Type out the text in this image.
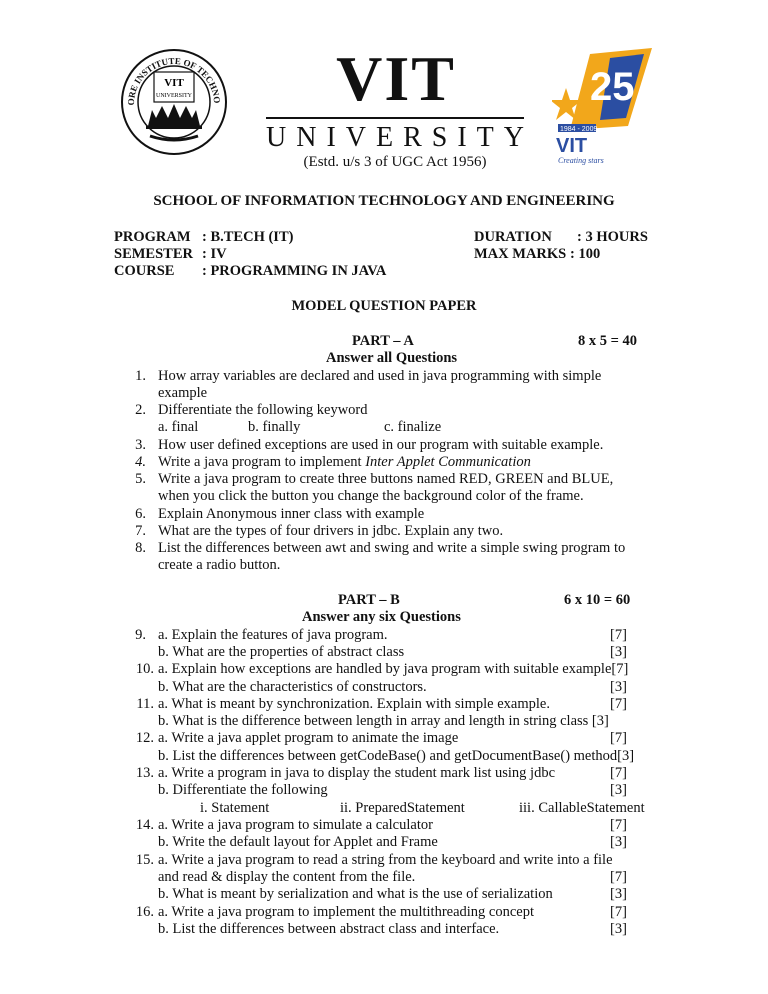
ORE INSTITUTE OF TECHNO
VIT
UNIVERSITY	VIT
UNIVERSITY
(Estd. u/s 3 of UGC Act 1956)
25
1984 - 2009
VIT
Creating stars
SCHOOL OF INFORMATION TECHNOLOGY AND ENGINEERING
PROGRAM : B.TECH (IT)
SEMESTER : IV
COURSE : PROGRAMMING IN JAVA
DURATION : 3 HOURS
MAX MARKS : 100
MODEL QUESTION PAPER
PART – A	8 x 5 = 40
Answer all Questions
1. How array variables are declared and used in java programming with simple
example
2. Differentiate the following keyword
a. final	b. finally	c. finalize
3. How user defined exceptions are used in our program with suitable example.
4. Write a java program to implement Inter Applet Communication
5. Write a java program to create three buttons named RED, GREEN and BLUE,
when you click the button you change the background color of the frame.
6. Explain Anonymous inner class with example
7. What are the types of four drivers in jdbc. Explain any two.
8. List the differences between awt and swing and write a simple swing program to
create a radio button.
PART – B	6 x 10 = 60
Answer any six Questions
9. a. Explain the features of java program.	[7]
b. What are the properties of abstract class	[3]
10. a. Explain how exceptions are handled by java program with suitable example[7]
b. What are the characteristics of constructors.	[3]
11. a. What is meant by synchronization. Explain with simple example.	[7]
b. What is the difference between length in array and length in string class [3]
12. a. Write a java applet program to animate the image	[7]
b. List the differences between getCodeBase() and getDocumentBase() method[3]
13. a. Write a program in java to display the student mark list using jdbc	[7]
b. Differentiate the following	[3]
i. Statement	ii. PreparedStatement	iii. CallableStatement
14. a. Write a java program to simulate a calculator	[7]
b. Write the default layout for Applet and Frame	[3]
15. a. Write a java program to read a string from the keyboard and write into a file
and read & display the content from the file.	[7]
b. What is meant by serialization and what is the use of serialization	[3]
16. a. Write a java program to implement the multithreading concept	[7]
b. List the differences between abstract class and interface.	[3]
